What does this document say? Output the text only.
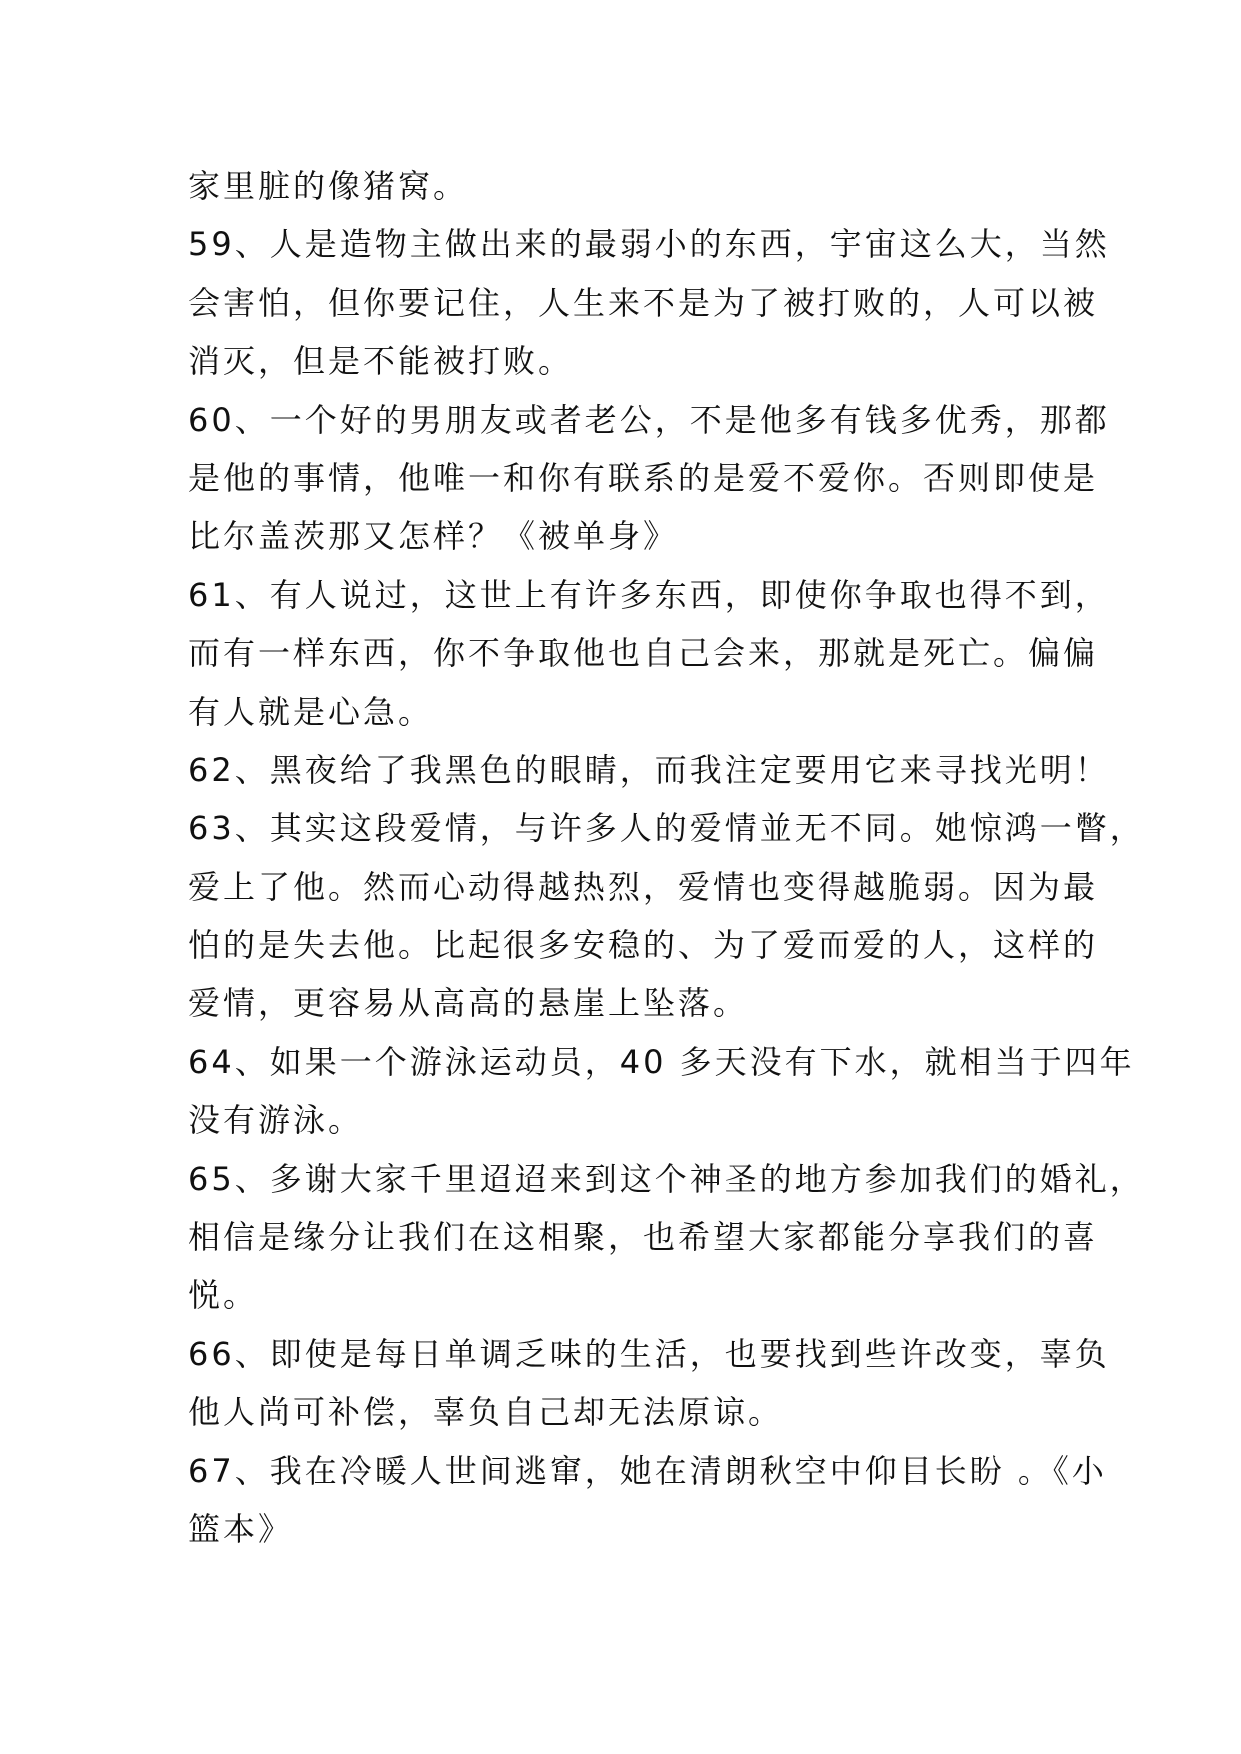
家里脏的像猪窝。
59、人是造物主做出来的最弱小的东西，宇宙这么大，当然
会害怕，但你要记住，人生来不是为了被打败的，人可以被
消灭，但是不能被打败。
60、一个好的男朋友或者老公，不是他多有钱多优秀，那都
是他的事情，他唯一和你有联系的是爱不爱你。否则即使是
比尔盖茨那又怎样？《被单身》
61、有人说过，这世上有许多东西，即使你争取也得不到，
而有一样东西，你不争取他也自己会来，那就是死亡。偏偏
有人就是心急。
62、黑夜给了我黑色的眼睛，而我注定要用它来寻找光明！
63、其实这段爱情，与许多人的爱情並无不同。她惊鸿一瞥，
爱上了他。然而心动得越热烈，爱情也变得越脆弱。因为最
怕的是失去他。比起很多安稳的、为了爱而爱的人，这样的
爱情，更容易从高高的悬崖上坠落。
64、如果一个游泳运动员，40 多天没有下水，就相当于四年
没有游泳。
65、多谢大家千里迢迢来到这个神圣的地方参加我们的婚礼，
相信是缘分让我们在这相聚，也希望大家都能分享我们的喜
悦。
66、即使是每日单调乏味的生活，也要找到些许改变，辜负
他人尚可补偿，辜负自己却无法原谅。
67、我在冷暖人世间逃窜，她在清朗秋空中仰目长盼 。《小
篮本》
